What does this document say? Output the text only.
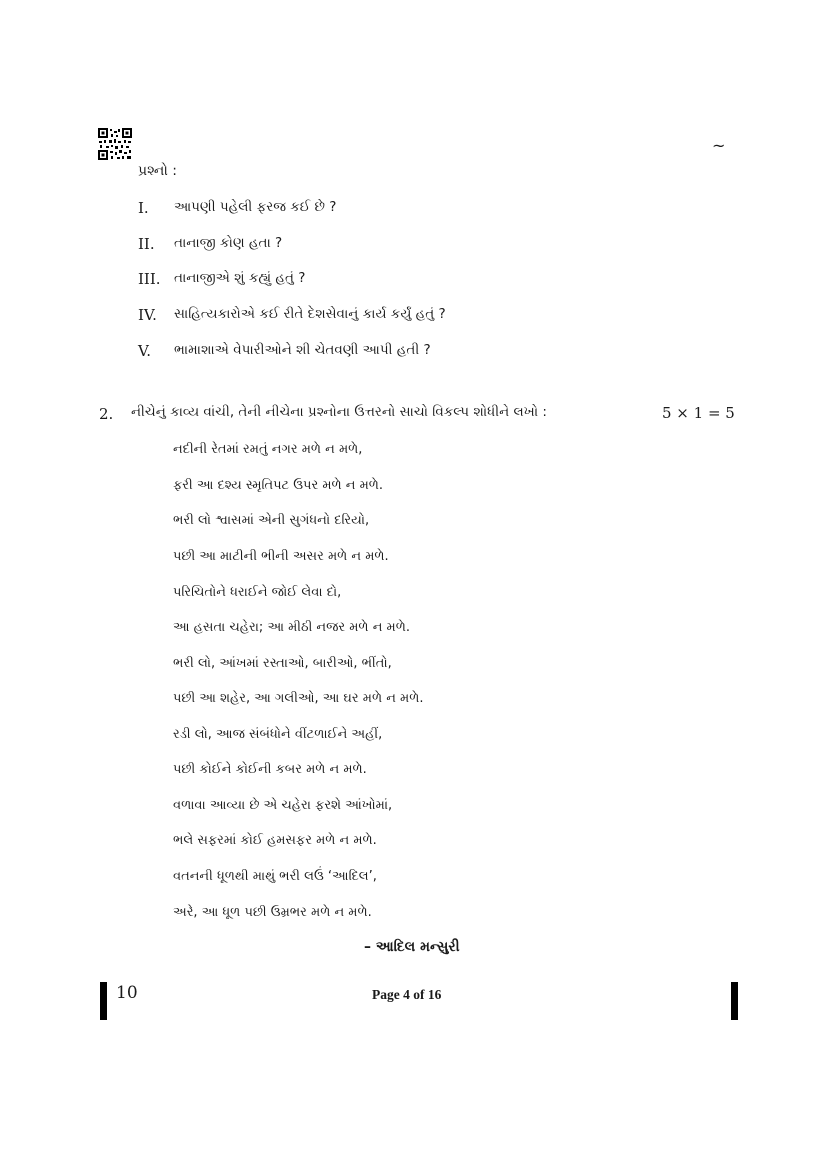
~
પ્રશ્નો :
I. આપણી પહેલી ફરજ કઈ છે ?
II. તાનાજી કોણ હતા ?
III. તાનાજીએ શું કહ્યું હતું ?
IV. સાહિત્યકારોએ કઈ રીતે દેશસેવાનું કાર્ય કર્યું હતું ?
V. ભામાશાએ વેપારીઓને શી ચેતવણી આપી હતી ?
2. નીચેનું કાવ્ય વાંચી, તેની નીચેના પ્રશ્નોના ઉત્તરનો સાચો વિકલ્પ શોધીને લખો :	5 × 1 = 5
નદીની રેતમાં રમતું નગર મળે ન મળે,
ફરી આ દશ્ય સ્મૃતિપટ ઉપર મળે ન મળે.
ભરી લો શ્વાસમાં એની સુગંધનો દરિયો,
પછી આ માટીની ભીની અસર મળે ન મળે.
પરિચિતોને ધરાઈને જોઈ લેવા દો,
આ હસતા ચહેરા; આ મીઠી નજર મળે ન મળે.
ભરી લો, આંખમાં રસ્તાઓ, બારીઓ, ભીંતો,
પછી આ શહેર, આ ગલીઓ, આ ઘર મળે ન મળે.
રડી લો, આજ સંબંધોને વીંટળાઈને અહીં,
પછી કોઈને કોઈની કબર મળે ન મળે.
વળાવા આવ્યા છે એ ચહેરા ફરશે આંખોમાં,
ભલે સફરમાં કોઈ હમસફર મળે ન મળે.
વતનની ધૂળથી માથું ભરી લઉં ‘આદિલ’,
અરે, આ ધૂળ પછી ઉમ્રભર મળે ન મળે.
– આદિલ મન્સુરી
10	Page 4 of 16
